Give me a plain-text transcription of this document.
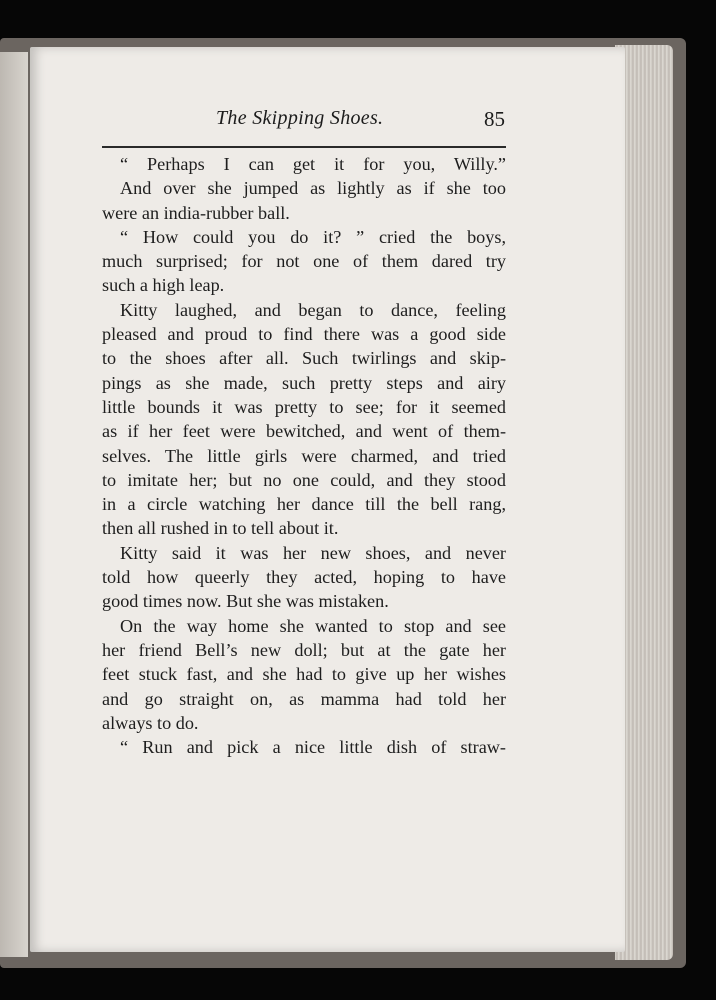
The Skipping Shoes.	85
“ Perhaps I can get it for you, Willy.”
And over she jumped as lightly as if she too
were an india-rubber ball.
“ How could you do it? ” cried the boys,
much surprised; for not one of them dared try
such a high leap.
Kitty laughed, and began to dance, feeling
pleased and proud to find there was a good side
to the shoes after all. Such twirlings and skip-
pings as she made, such pretty steps and airy
little bounds it was pretty to see; for it seemed
as if her feet were bewitched, and went of them-
selves. The little girls were charmed, and tried
to imitate her; but no one could, and they stood
in a circle watching her dance till the bell rang,
then all rushed in to tell about it.
Kitty said it was her new shoes, and never
told how queerly they acted, hoping to have
good times now. But she was mistaken.
On the way home she wanted to stop and see
her friend Bell’s new doll; but at the gate her
feet stuck fast, and she had to give up her wishes
and go straight on, as mamma had told her
always to do.
“ Run and pick a nice little dish of straw-
